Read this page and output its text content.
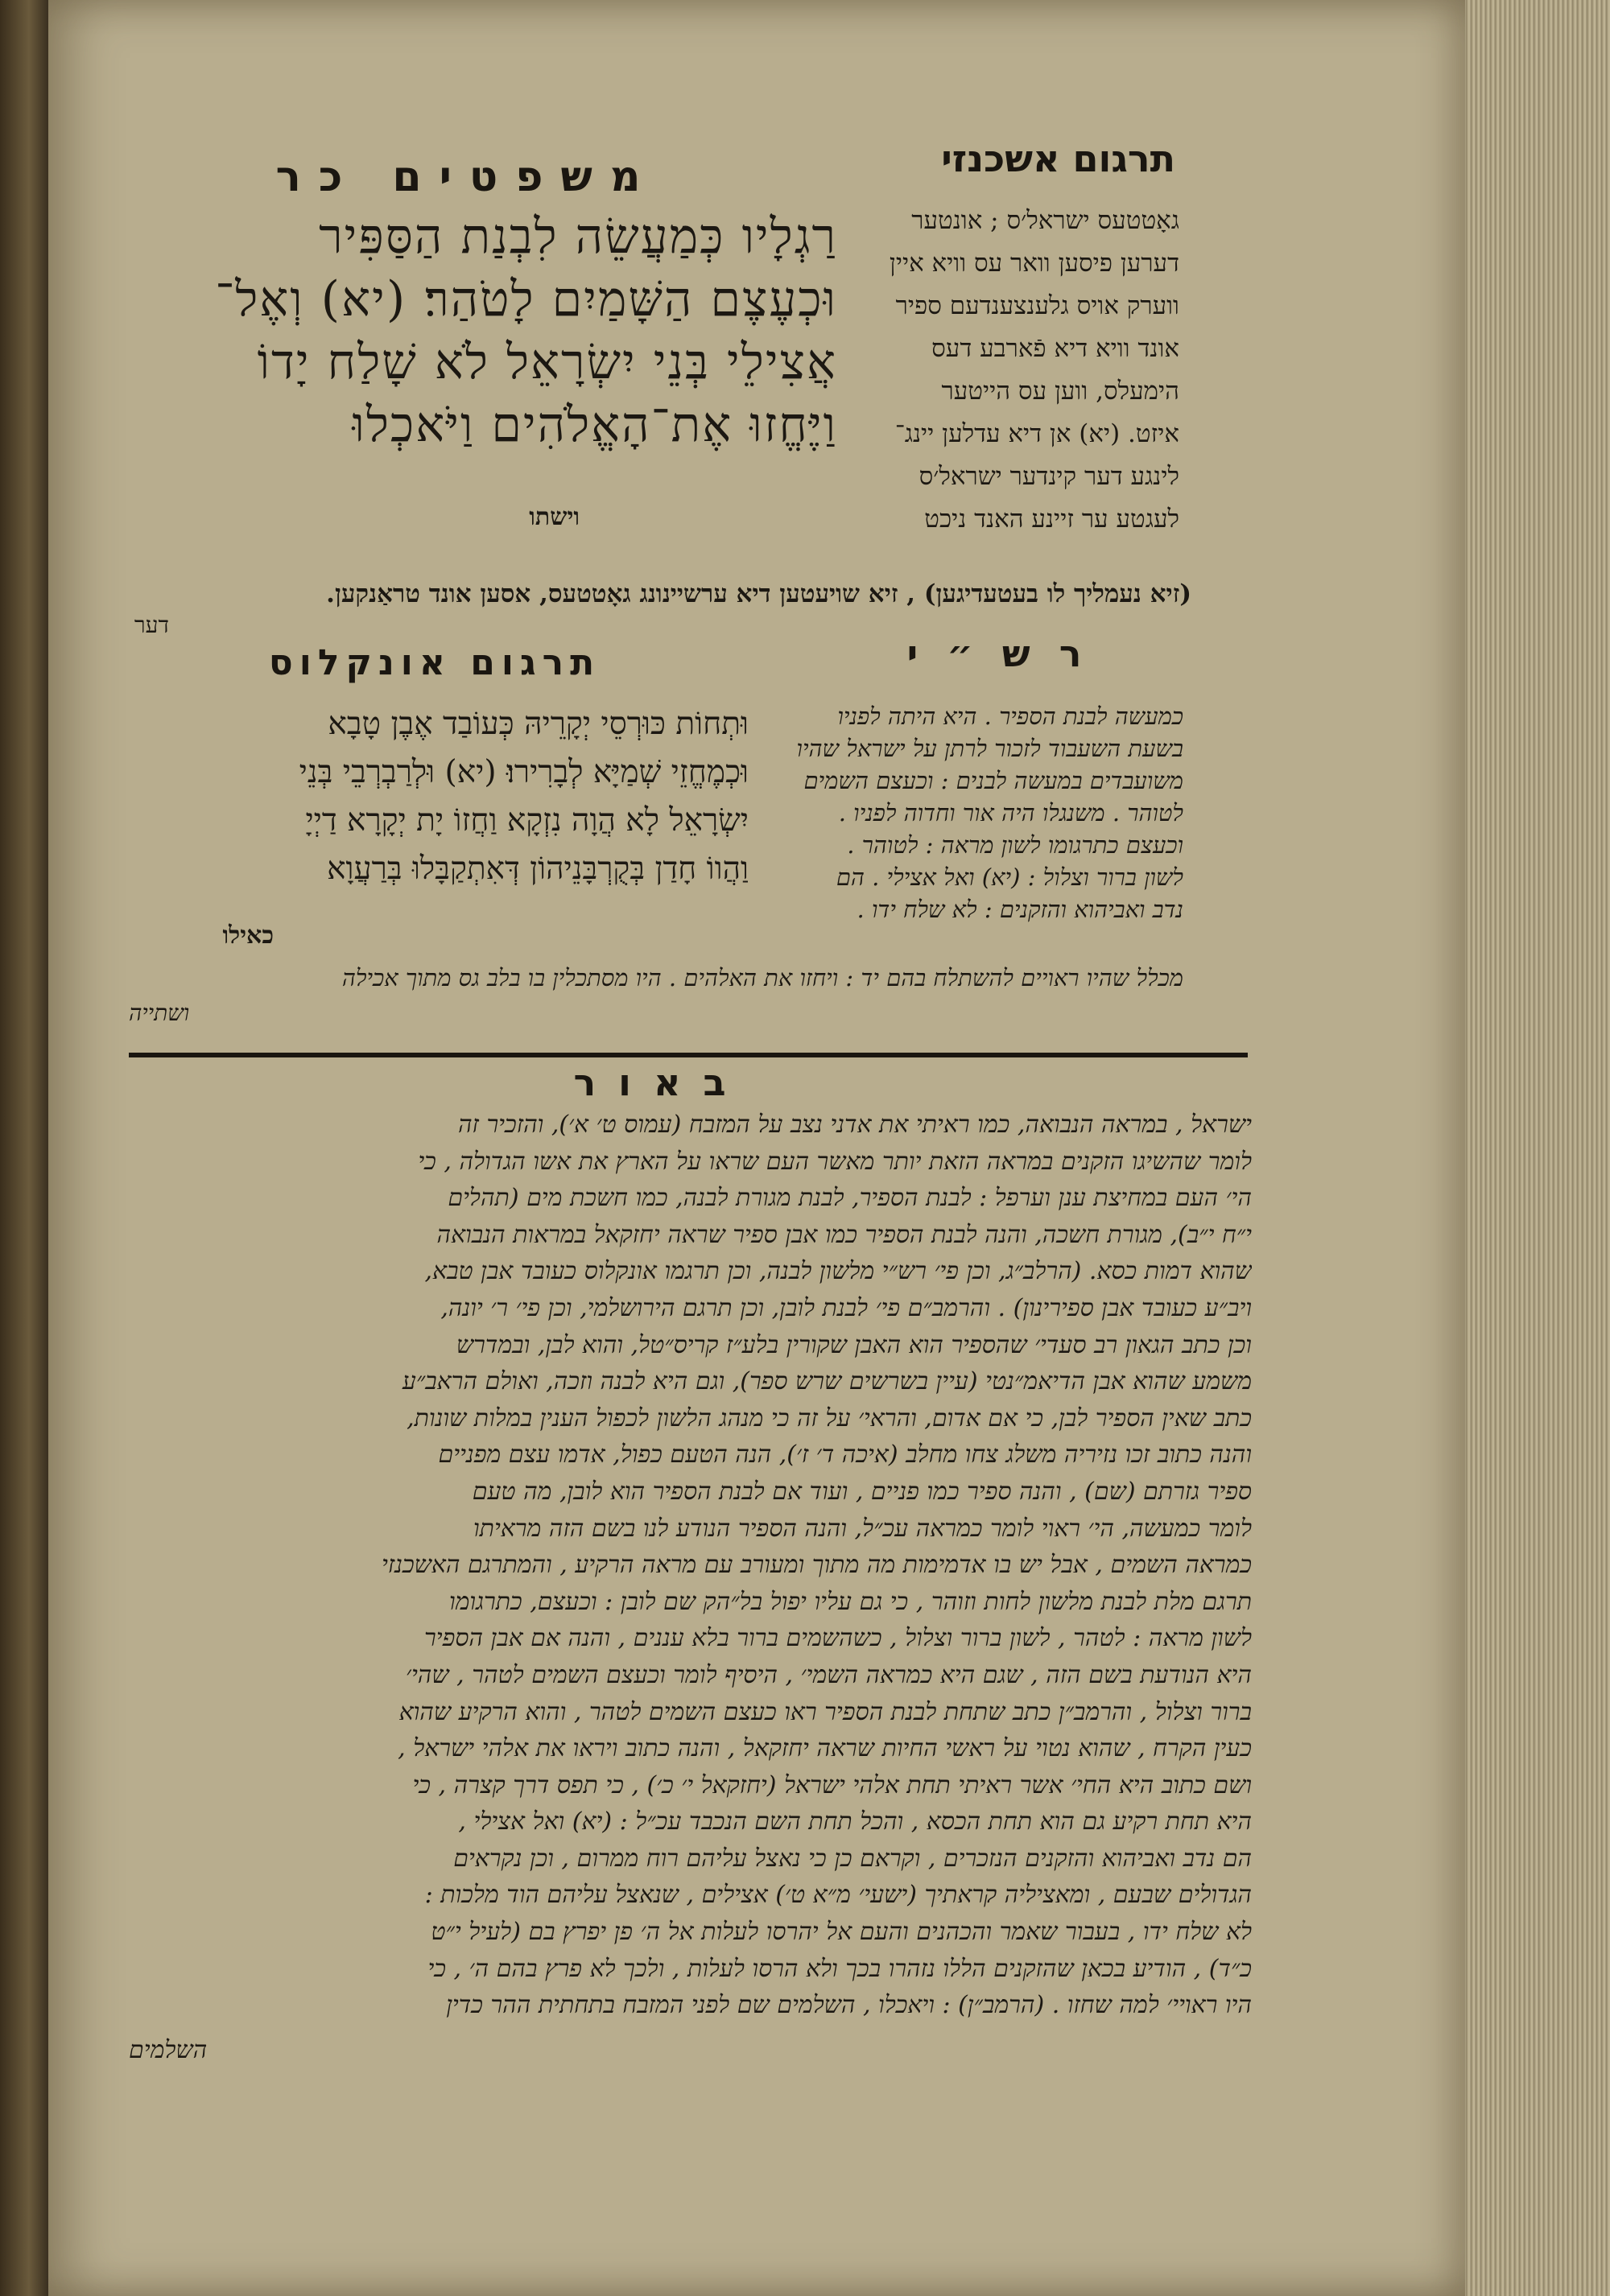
תרגום אשכנזי
משפטים כר
רַגְלָיו כְּמַעֲשֵׂה לִבְנַת הַסַּפִּיר
וּכְעֶצֶם הַשָּׁמַיִם לָטֹהַר׃ (יא) וְאֶל־
אֲצִילֵי בְּנֵי יִשְׂרָאֵל לֹא שָׁלַח יָדוֹ
וַיֶּחֱזוּ אֶת־הָאֱלֹהִים וַיֹּאכְלוּ
וישתו
גאָטטעס ישראל׳ס ; אונטער
דערען פיסען וואר עס וויא איין
ווערק אויס גלענצענדעם ספיר
אונד וויא דיא פֿארבע דעס
הימעלס, ווען עס הייטער
איזט. (יא) אן דיא עדלען יינג־
לינגע דער קינדער ישראל׳ס
לעגטע ער זיינע האנד ניכט
(זיא נעמליך לו בעטעדיגען) , זיא שויעטען דיא ערשיינונג גאָטטעס, אסען אונד טראַנקען.
דער
ר ש ״ י
תרגום אונקלוס
כמעשה לבנת הספיר . היא היתה לפניו
בשעת השעבוד לזכור לרתן על ישראל שהיו
משועבדים במעשה לבנים : וכעצם השמים
לטוהר . משנגלו היה אור וחדוה לפניו .
וכעצם כתרגומו לשון מראה : לטוהר .
לשון ברור וצלול : (יא) ואל אצילי . הם
נדב ואביהוא והזקנים : לא שלח ידו .
מכלל שהיו ראויים להשתלח בהם יד : ויחזו את האלהים . היו מסתכלין בו בלב גס מתוך אכילה
ושתייה
וּתְחוֹת כּוּרְסֵי יְקָרֵיהּ כְּעוֹבַד אֶבֶן טָבָא
וּכְמֶחֱזֵי שְׁמַיָּא לְבָרִירוּ׃ (יא) וּלְרַבְרְבֵי בְּנֵי
יִשְׂרָאֵל לָא הֲוָה נִזְקָא וַחֲזוֹ יָת יְקָרָא דַיְיָ
וַהֲווֹ חָדַן בְּקֻרְבָּנֵיהוֹן דְּאִתְקַבָּלוּ בְּרַעֲוָא
כאילו
ב א ו ר
ישראל , במראה הנבואה, כמו ראיתי את אדני נצב על המזבח (עמוס ט׳ א׳), והזכיר זה
לומר שהשיגו הזקנים במראה הזאת יותר מאשר העם שראו על הארץ את אשו הגדולה , כי
הי׳ העם במחיצת ענן וערפל : לבנת הספיר, לבנת מגורת לבנה, כמו חשכת מים (תהלים
י״ח י״ב), מגורת חשכה, והנה לבנת הספיר כמו אבן ספיר שראה יחזקאל במראות הנבואה
שהוא דמות כסא. (הרלב״ג, וכן פי׳ רש״י מלשון לבנה, וכן תרגמו אונקלוס כעובד אבן טבא,
ויב״ע כעובד אבן ספירינון) . והרמב״ם פי׳ לבנת לובן, וכן תרגם הירושלמי, וכן פי׳ ר׳ יונה,
וכן כתב הגאון רב סעדי׳ שהספיר הוא האבן שקורין בלע״ז קריס״טל, והוא לבן, ובמדרש
משמע שהוא אבן הדיאמ״נטי (עיין בשרשים שרש ספר), וגם היא לבנה וזכה, ואולם הראב״ע
כתב שאין הספיר לבן, כי אם אדום, והראי׳ על זה כי מנהג הלשון לכפול הענין במלות שונות,
והנה כתוב זכו נזיריה משלג צחו מחלב (איכה ד׳ ז׳), הנה הטעם כפול, אדמו עצם מפניים
ספיר גזרתם (שם) , והנה ספיר כמו פניים , ועוד אם לבנת הספיר הוא לובן, מה טעם
לומר כמעשה, הי׳ ראוי לומר כמראה עכ״ל, והנה הספיר הנודע לנו בשם הזה מראיתו
כמראה השמים , אבל יש בו אדמימות מה מתוך ומעורב עם מראה הרקיע , והמתרגם האשכנזי
תרגם מלת לבנת מלשון לחות וזוהר , כי גם עליו יפול בל״הק שם לובן : וכעצם, כתרגומו
לשון מראה : לטהר , לשון ברור וצלול , כשהשמים ברור בלא עננים , והנה אם אבן הספיר
היא הנודעת בשם הזה , שגם היא כמראה השמי׳ , היסיף לומר וכעצם השמים לטהר , שהי׳
ברור וצלול , והרמב״ן כתב שתחת לבנת הספיר ראו כעצם השמים לטהר , והוא הרקיע שהוא
כעין הקרח , שהוא נטוי על ראשי החיות שראה יחזקאל , והנה כתוב ויראו את אלהי ישראל ,
ושם כתוב היא החי׳ אשר ראיתי תחת אלהי ישראל (יחזקאל י׳ כ׳) , כי תפס דרך קצרה , כי
היא תחת רקיע גם הוא תחת הכסא , והכל תחת השם הנכבד עכ״ל : (יא) ואל אצילי ,
הם נדב ואביהוא והזקנים הנזכרים , וקראם כן כי נאצל עליהם רוח ממרום , וכן נקראים
הגדולים שבעם , ומאציליה קראתיך (ישעי׳ מ״א ט׳) אצילים , שנאצל עליהם הוד מלכות :
לא שלח ידו , בעבור שאמר והכהנים והעם אל יהרסו לעלות אל ה׳ פן יפרץ בם (לעיל י״ט
כ״ד) , הודיע בכאן שהזקנים הללו נזהרו בכך ולא הרסו לעלות , ולכך לא פרץ בהם ה׳ , כי
היו ראויי׳ למה שחזו . (הרמב״ן) : ויאכלו , השלמים שם לפני המזבח בתחתית ההר כדין
השלמים
